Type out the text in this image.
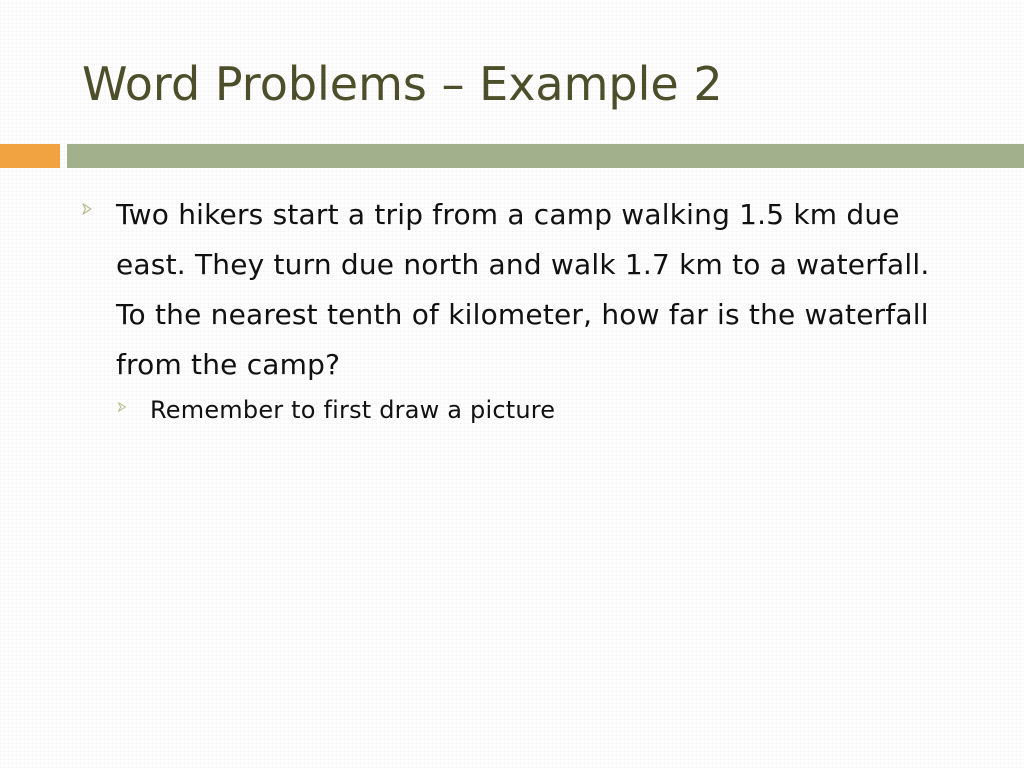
Word Problems – Example 2
Two hikers start a trip from a camp walking 1.5 km due east. They turn due north and walk 1.7 km to a waterfall. To the nearest tenth of kilometer, how far is the waterfall from the camp?
Remember to first draw a picture
